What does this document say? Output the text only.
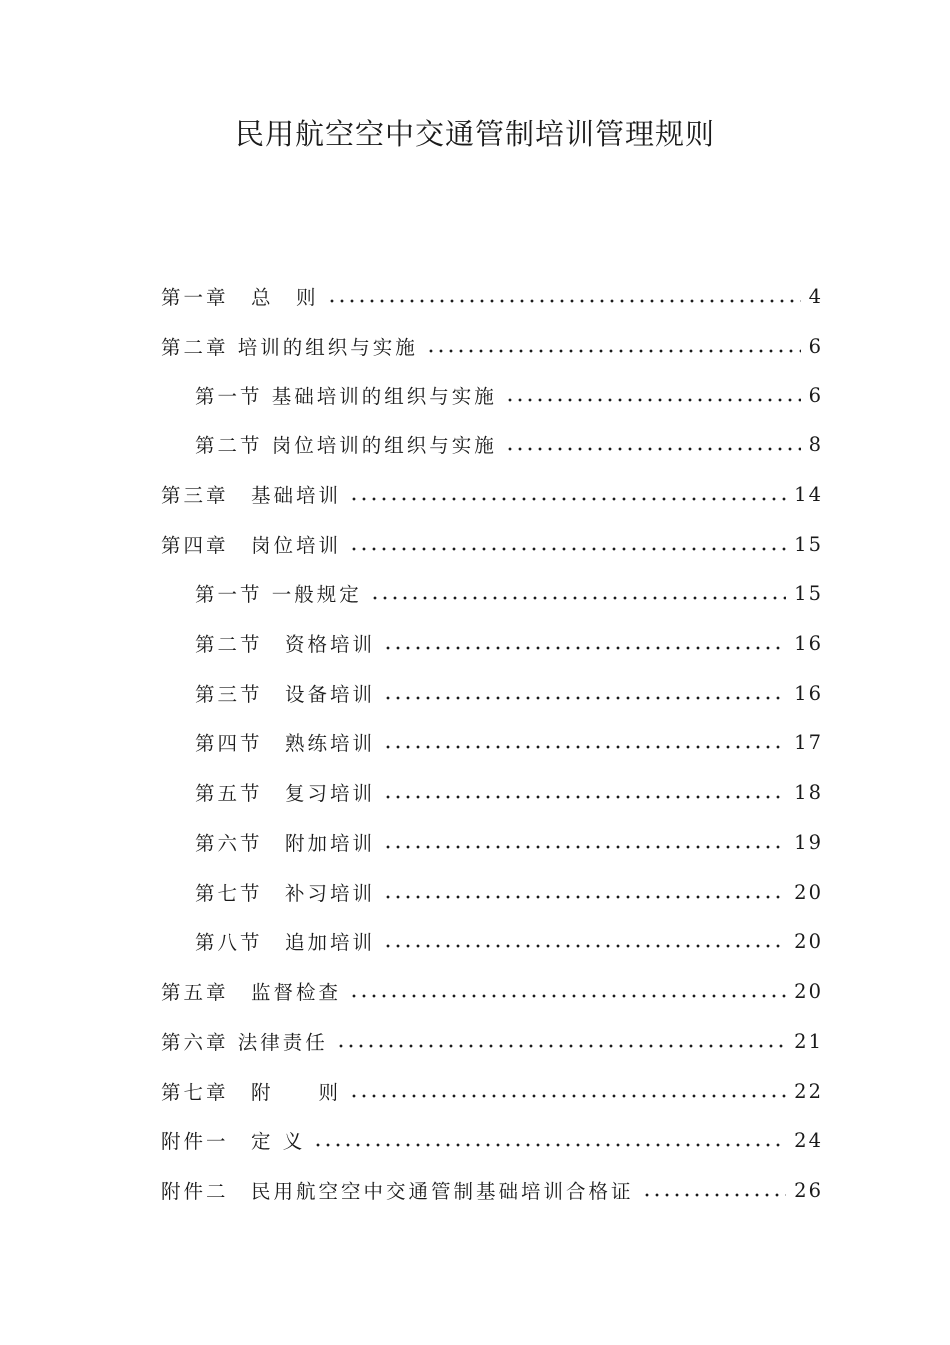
民用航空空中交通管制培训管理规则
第一章　总　则	4
第二章 培训的组织与实施	6
第一节 基础培训的组织与实施	6
第二节 岗位培训的组织与实施	8
第三章　基础培训	14
第四章　岗位培训	15
第一节 一般规定	15
第二节　资格培训	16
第三节　设备培训	16
第四节　熟练培训	17
第五节　复习培训	18
第六节　附加培训	19
第七节　补习培训	20
第八节　追加培训	20
第五章　监督检查	20
第六章 法律责任	21
第七章　附　　则	22
附件一　定 义	24
附件二　民用航空空中交通管制基础培训合格证	26
